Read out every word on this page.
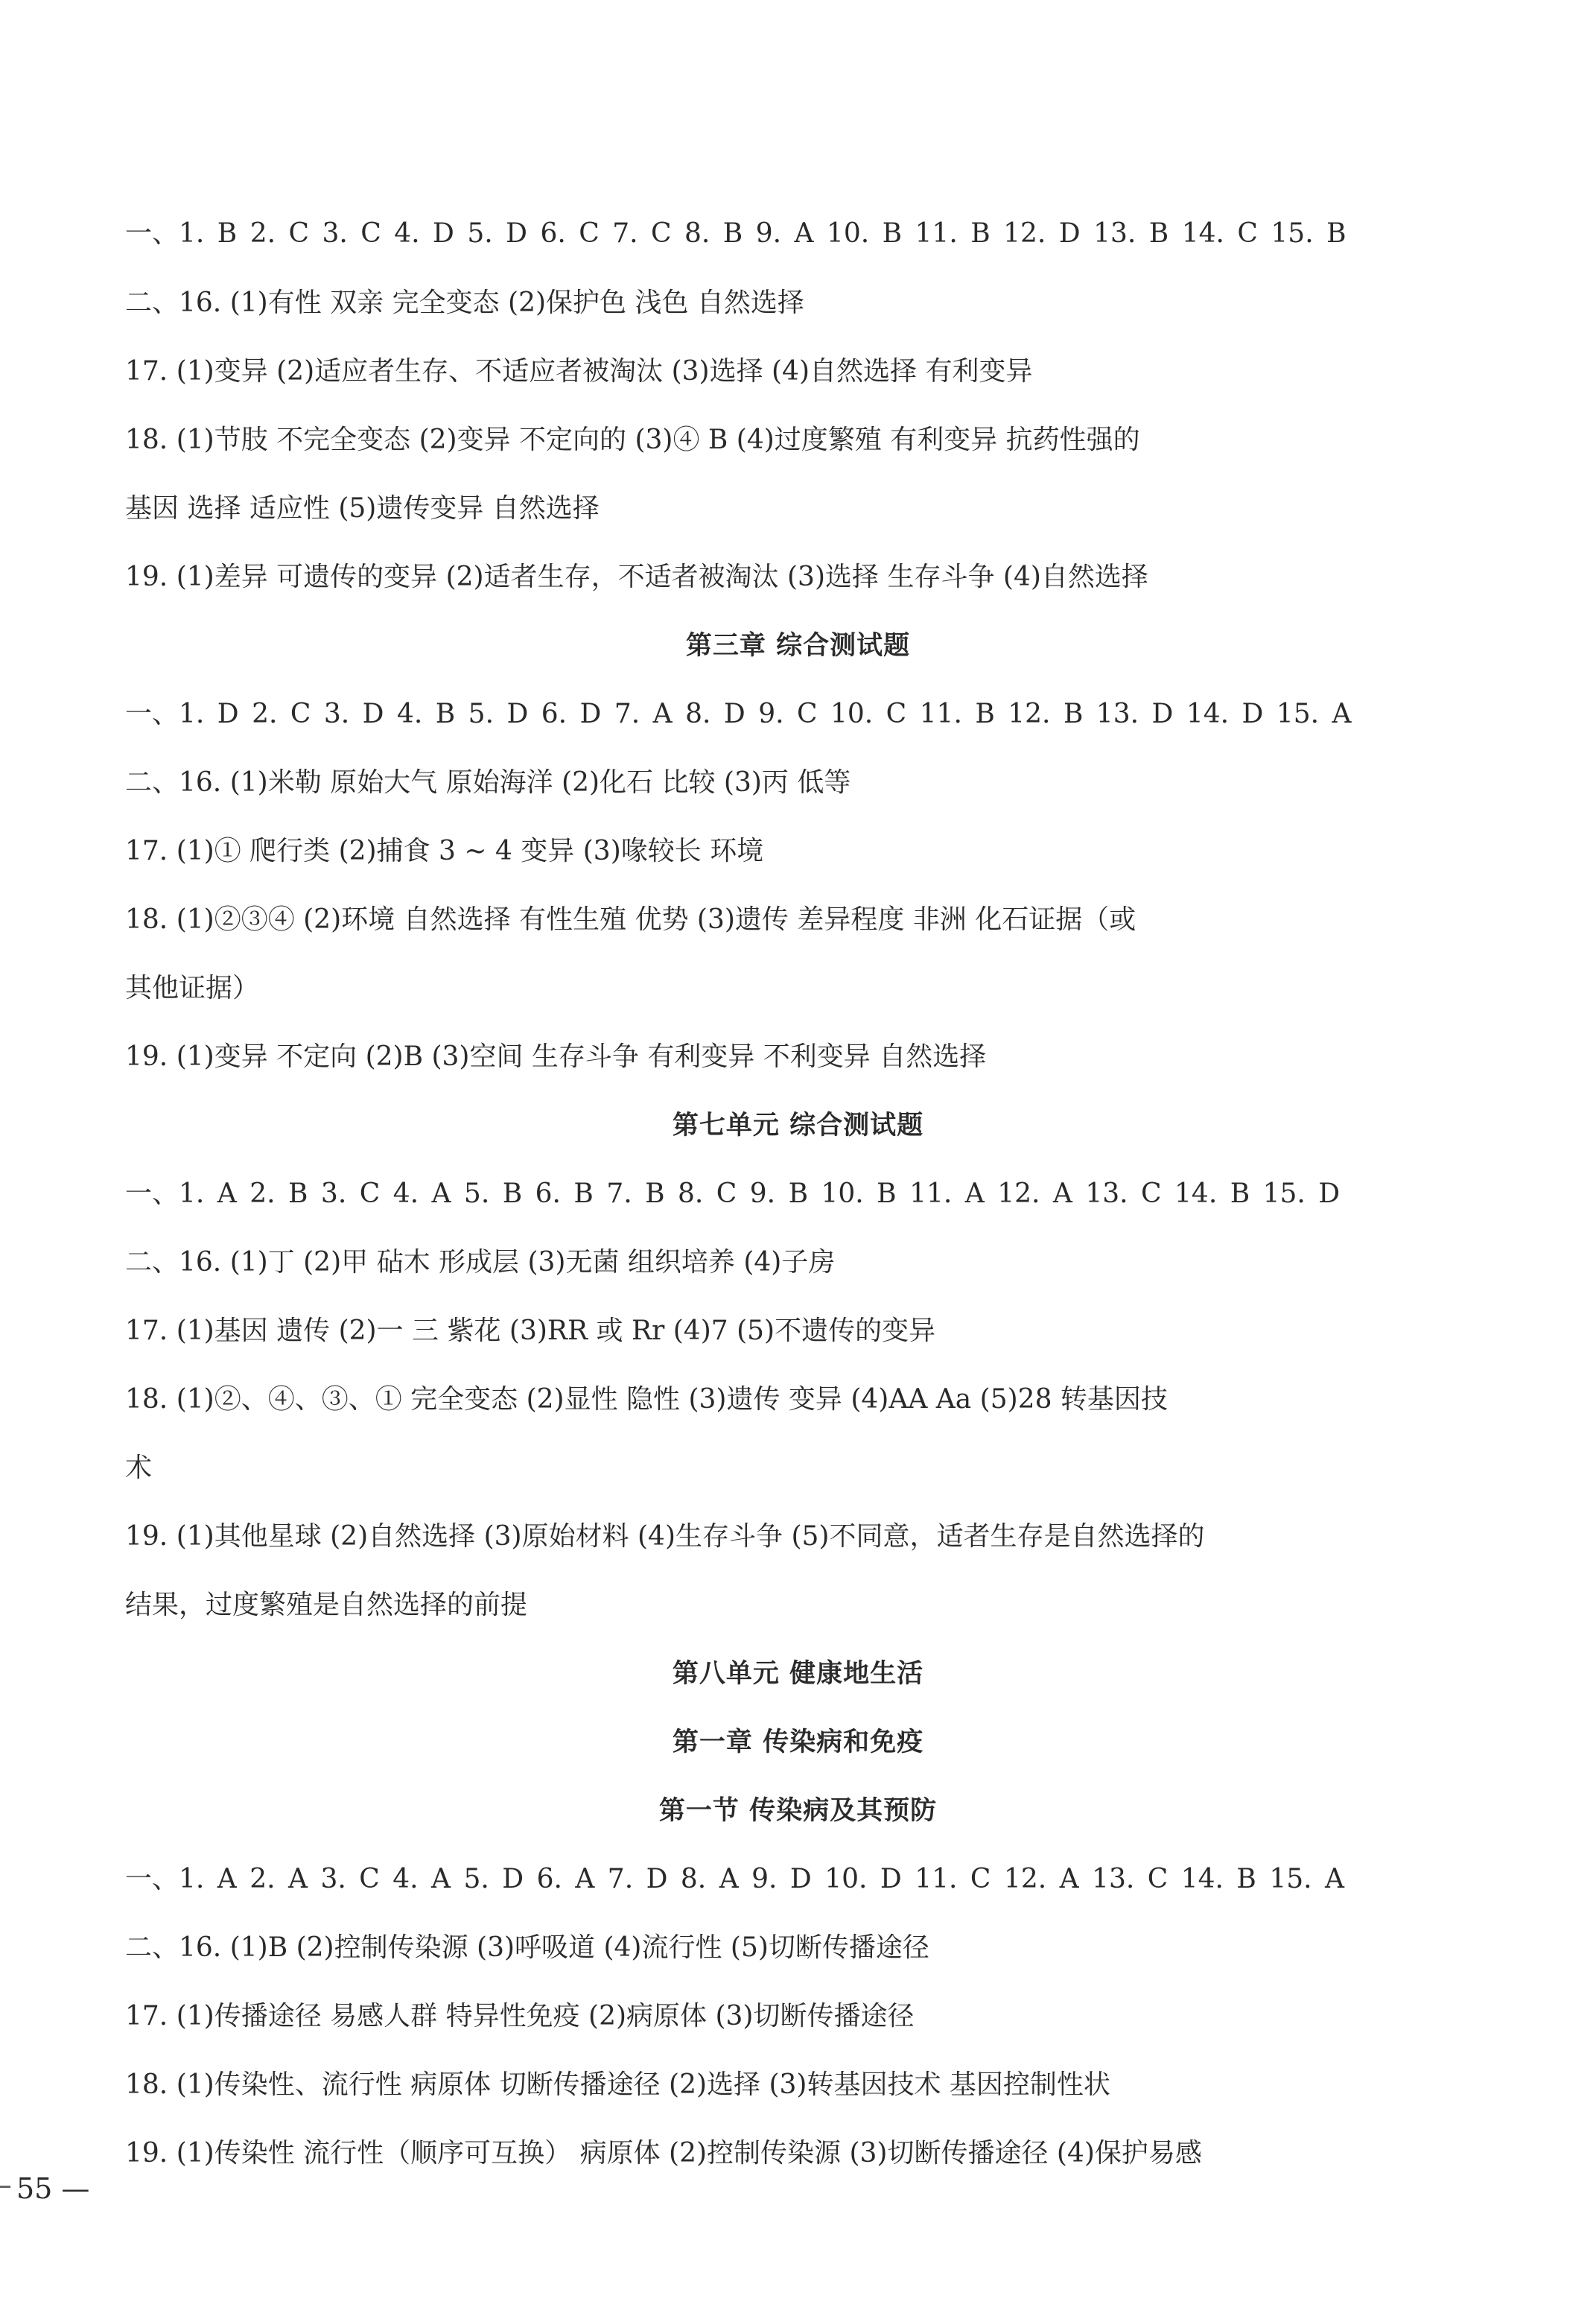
一、1. B 2. C 3. C 4. D 5. D 6. C 7. C 8. B 9. A 10. B 11. B 12. D 13. B 14. C 15. B
二、16. (1)有性 双亲 完全变态 (2)保护色 浅色 自然选择
17. (1)变异 (2)适应者生存、不适应者被淘汰 (3)选择 (4)自然选择 有利变异
18. (1)节肢 不完全变态 (2)变异 不定向的 (3)④ B (4)过度繁殖 有利变异 抗药性强的
基因 选择 适应性 (5)遗传变异 自然选择
19. (1)差异 可遗传的变异 (2)适者生存，不适者被淘汰 (3)选择 生存斗争 (4)自然选择
第三章 综合测试题
一、1. D 2. C 3. D 4. B 5. D 6. D 7. A 8. D 9. C 10. C 11. B 12. B 13. D 14. D 15. A
二、16. (1)米勒 原始大气 原始海洋 (2)化石 比较 (3)丙 低等
17. (1)① 爬行类 (2)捕食 3 ~ 4 变异 (3)喙较长 环境
18. (1)②③④ (2)环境 自然选择 有性生殖 优势 (3)遗传 差异程度 非洲 化石证据（或
其他证据）
19. (1)变异 不定向 (2)B (3)空间 生存斗争 有利变异 不利变异 自然选择
第七单元 综合测试题
一、1. A 2. B 3. C 4. A 5. B 6. B 7. B 8. C 9. B 10. B 11. A 12. A 13. C 14. B 15. D
二、16. (1)丁 (2)甲 砧木 形成层 (3)无菌 组织培养 (4)子房
17. (1)基因 遗传 (2)一 三 紫花 (3)RR 或 Rr (4)7 (5)不遗传的变异
18. (1)②、④、③、① 完全变态 (2)显性 隐性 (3)遗传 变异 (4)AA Aa (5)28 转基因技
术
19. (1)其他星球 (2)自然选择 (3)原始材料 (4)生存斗争 (5)不同意，适者生存是自然选择的
结果，过度繁殖是自然选择的前提
第八单元 健康地生活
第一章 传染病和免疫
第一节 传染病及其预防
一、1. A 2. A 3. C 4. A 5. D 6. A 7. D 8. A 9. D 10. D 11. C 12. A 13. C 14. B 15. A
二、16. (1)B (2)控制传染源 (3)呼吸道 (4)流行性 (5)切断传播途径
17. (1)传播途径 易感人群 特异性免疫 (2)病原体 (3)切断传播途径
18. (1)传染性、流行性 病原体 切断传播途径 (2)选择 (3)转基因技术 基因控制性状
19. (1)传染性 流行性（顺序可互换） 病原体 (2)控制传染源 (3)切断传播途径 (4)保护易感
55 —
